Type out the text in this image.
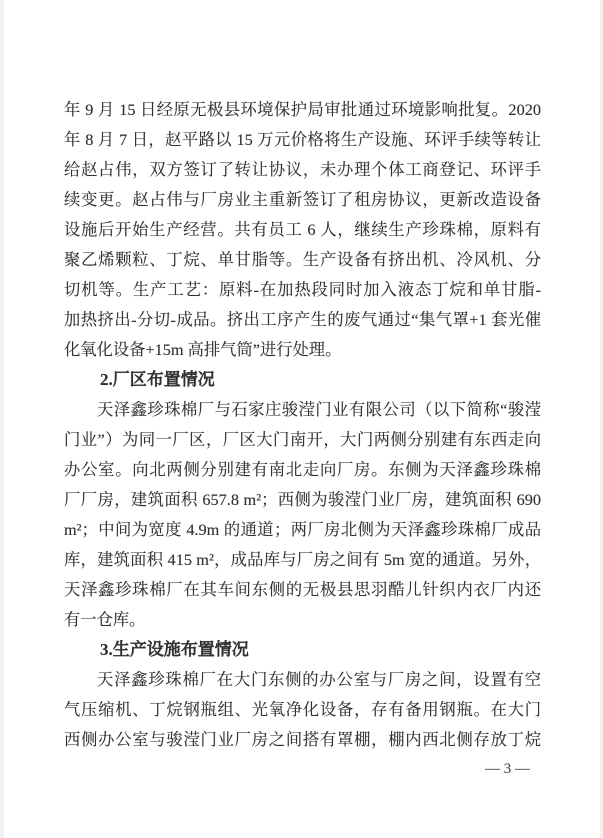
年 9 月 15 日经原无极县环境保护局审批通过环境影响批复。2020
年 8 月 7 日，赵平路以 15 万元价格将生产设施、环评手续等转让
给赵占伟，双方签订了转让协议，未办理个体工商登记、环评手
续变更。赵占伟与厂房业主重新签订了租房协议，更新改造设备
设施后开始生产经营。共有员工 6 人，继续生产珍珠棉，原料有
聚乙烯颗粒、丁烷、单甘脂等。生产设备有挤出机、冷风机、分
切机等。生产工艺：原料-在加热段同时加入液态丁烷和单甘脂-
加热挤出-分切-成品。挤出工序产生的废气通过“集气罩+1 套光催
化氧化设备+15m 高排气筒”进行处理。
2.厂区布置情况
天泽鑫珍珠棉厂与石家庄骏滢门业有限公司（以下简称“骏滢
门业”）为同一厂区，厂区大门南开，大门两侧分别建有东西走向
办公室。向北两侧分别建有南北走向厂房。东侧为天泽鑫珍珠棉
厂厂房，建筑面积 657.8 m²；西侧为骏滢门业厂房，建筑面积 690
m²；中间为宽度 4.9m 的通道；两厂房北侧为天泽鑫珍珠棉厂成品
库，建筑面积 415 m²，成品库与厂房之间有 5m 宽的通道。另外，
天泽鑫珍珠棉厂在其车间东侧的无极县思羽酷儿针织内衣厂内还
有一仓库。
3.生产设施布置情况
天泽鑫珍珠棉厂在大门东侧的办公室与厂房之间，设置有空
气压缩机、丁烷钢瓶组、光氧净化设备，存有备用钢瓶。在大门
西侧办公室与骏滢门业厂房之间搭有罩棚，棚内西北侧存放丁烷
— 3 —
